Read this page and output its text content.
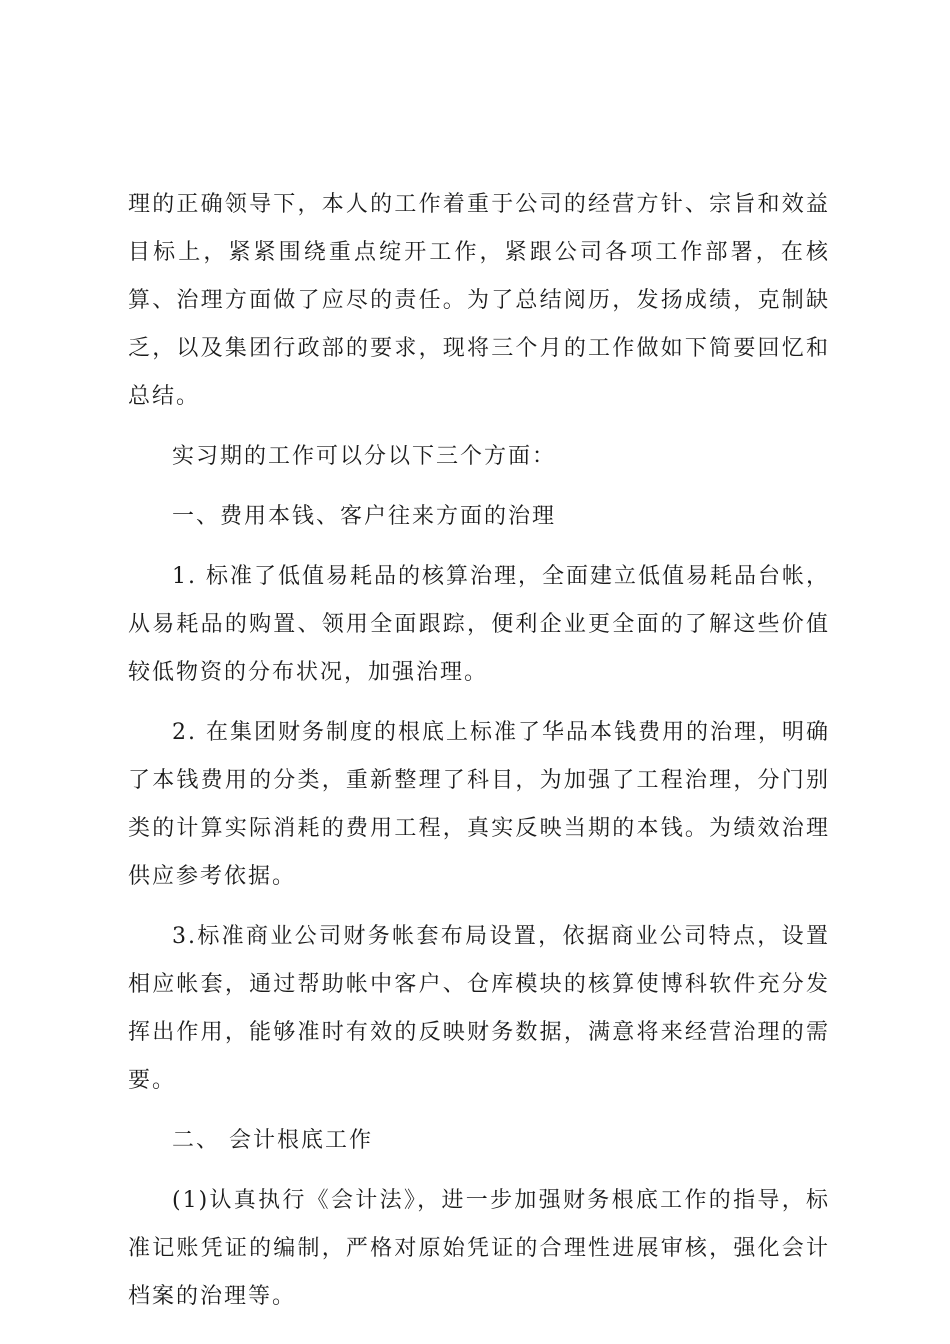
理的正确领导下，本人的工作着重于公司的经营方针、宗旨和效益目标上，紧紧围绕重点绽开工作，紧跟公司各项工作部署，在核算、治理方面做了应尽的责任。为了总结阅历，发扬成绩，克制缺乏，以及集团行政部的要求，现将三个月的工作做如下简要回忆和总结。

实习期的工作可以分以下三个方面：

一、费用本钱、客户往来方面的治理

1. 标准了低值易耗品的核算治理，全面建立低值易耗品台帐，从易耗品的购置、领用全面跟踪，便利企业更全面的了解这些价值较低物资的分布状况，加强治理。

2. 在集团财务制度的根底上标准了华品本钱费用的治理，明确了本钱费用的分类，重新整理了科目，为加强了工程治理，分门别类的计算实际消耗的费用工程，真实反映当期的本钱。为绩效治理供应参考依据。

3.标准商业公司财务帐套布局设置，依据商业公司特点，设置相应帐套，通过帮助帐中客户、仓库模块的核算使博科软件充分发挥出作用，能够准时有效的反映财务数据，满意将来经营治理的需要。

二、 会计根底工作

(1)认真执行《会计法》，进一步加强财务根底工作的指导，标准记账凭证的编制，严格对原始凭证的合理性进展审核，强化会计档案的治理等。
